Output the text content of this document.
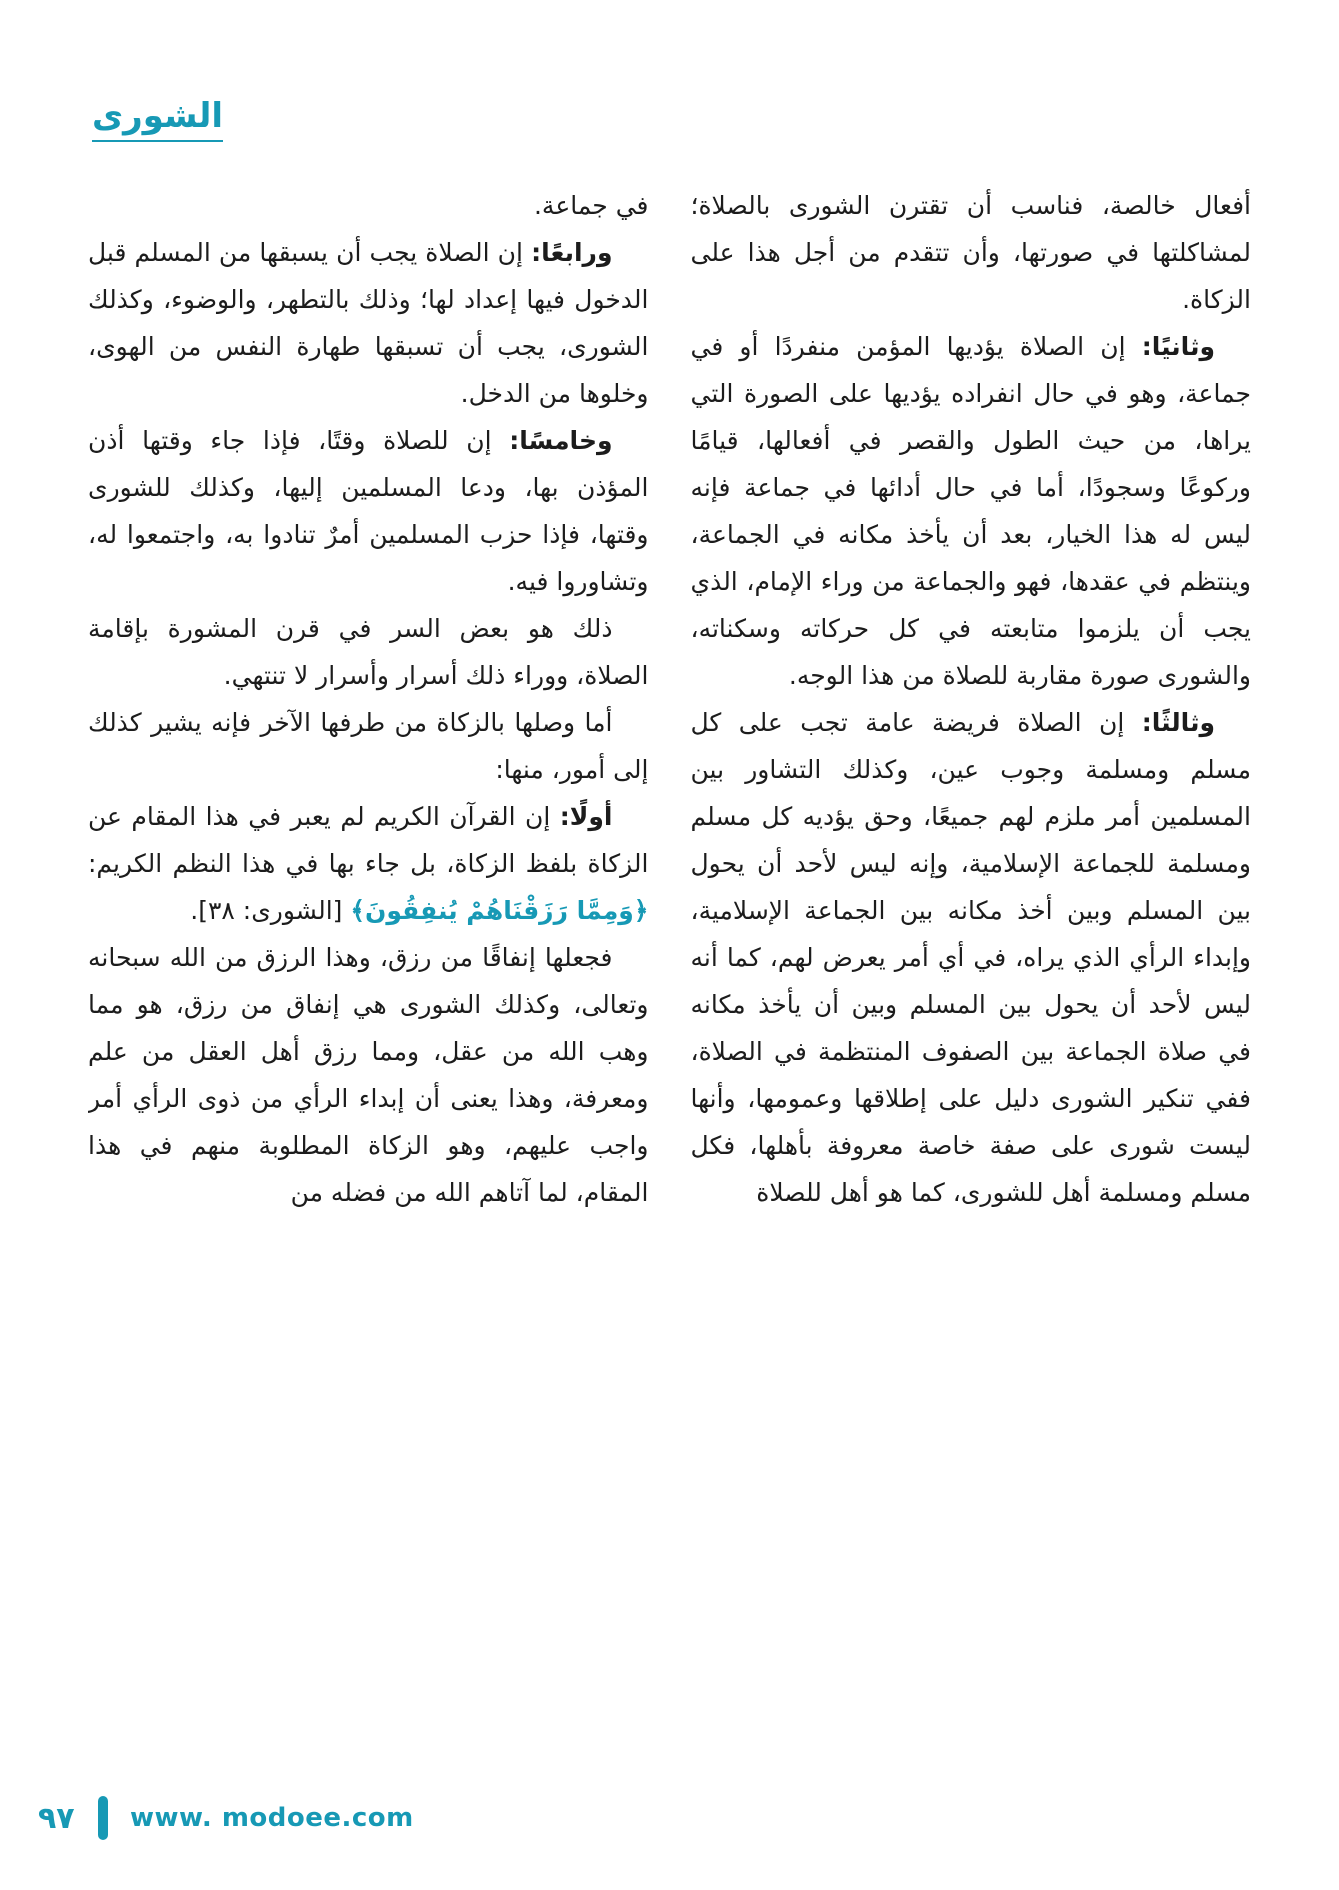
الشورى

أفعال خالصة، فناسب أن تقترن الشورى بالصلاة؛ لمشاكلتها في صورتها، وأن تتقدم من أجل هذا على الزكاة.

وثانيًا: إن الصلاة يؤديها المؤمن منفردًا أو في جماعة، وهو في حال انفراده يؤديها على الصورة التي يراها، من حيث الطول والقصر في أفعالها، قيامًا وركوعًا وسجودًا، أما في حال أدائها في جماعة فإنه ليس له هذا الخيار، بعد أن يأخذ مكانه في الجماعة، وينتظم في عقدها، فهو والجماعة من وراء الإمام، الذي يجب أن يلزموا متابعته في كل حركاته وسكناته، والشورى صورة مقاربة للصلاة من هذا الوجه.

وثالثًا: إن الصلاة فريضة عامة تجب على كل مسلم ومسلمة وجوب عين، وكذلك التشاور بين المسلمين أمر ملزم لهم جميعًا، وحق يؤديه كل مسلم ومسلمة للجماعة الإسلامية، وإنه ليس لأحد أن يحول بين المسلم وبين أخذ مكانه بين الجماعة الإسلامية، وإبداء الرأي الذي يراه، في أي أمر يعرض لهم، كما أنه ليس لأحد أن يحول بين المسلم وبين أن يأخذ مكانه في صلاة الجماعة بين الصفوف المنتظمة في الصلاة، ففي تنكير الشورى دليل على إطلاقها وعمومها، وأنها ليست شورى على صفة خاصة معروفة بأهلها، فكل مسلم ومسلمة أهل للشورى، كما هو أهل للصلاة

في جماعة.

ورابعًا: إن الصلاة يجب أن يسبقها من المسلم قبل الدخول فيها إعداد لها؛ وذلك بالتطهر، والوضوء، وكذلك الشورى، يجب أن تسبقها طهارة النفس من الهوى، وخلوها من الدخل.

وخامسًا: إن للصلاة وقتًا، فإذا جاء وقتها أذن المؤذن بها، ودعا المسلمين إليها، وكذلك للشورى وقتها، فإذا حزب المسلمين أمرٌ تنادوا به، واجتمعوا له، وتشاوروا فيه.

ذلك هو بعض السر في قرن المشورة بإقامة الصلاة، ووراء ذلك أسرار وأسرار لا تنتهي.

أما وصلها بالزكاة من طرفها الآخر فإنه يشير كذلك إلى أمور، منها:

أولًا: إن القرآن الكريم لم يعبر في هذا المقام عن الزكاة بلفظ الزكاة، بل جاء بها في هذا النظم الكريم: ﴿وَمِمَّا رَزَقْنَاهُمْ يُنفِقُونَ﴾ [الشورى: ٣٨].

فجعلها إنفاقًا من رزق، وهذا الرزق من الله سبحانه وتعالى، وكذلك الشورى هي إنفاق من رزق، هو مما وهب الله من عقل، ومما رزق أهل العقل من علم ومعرفة، وهذا يعنى أن إبداء الرأي من ذوى الرأي أمر واجب عليهم، وهو الزكاة المطلوبة منهم في هذا المقام، لما آتاهم الله من فضله من

٩٧ www. modoee.com
